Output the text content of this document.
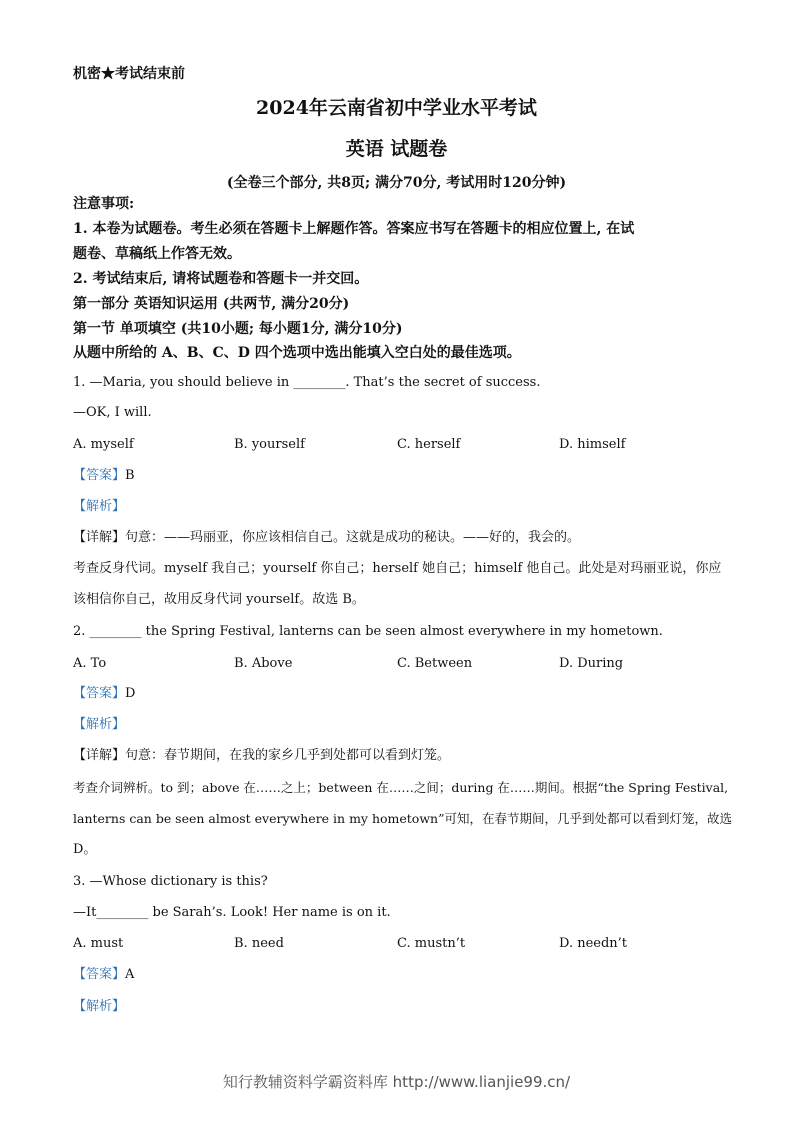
机密★考试结束前
2024年云南省初中学业水平考试
英语 试题卷
(全卷三个部分, 共8页; 满分70分, 考试用时120分钟)
注意事项:
1. 本卷为试题卷。考生必须在答题卡上解题作答。答案应书写在答题卡的相应位置上, 在试
题卷、草稿纸上作答无效。
2. 考试结束后, 请将试题卷和答题卡一并交回。
第一部分 英语知识运用 (共两节, 满分20分)
第一节 单项填空 (共10小题; 每小题1分, 满分10分)
从题中所给的 A、B、C、D 四个选项中选出能填入空白处的最佳选项。
1. —Maria, you should believe in ________. That’s the secret of success.
—OK, I will.
A. myself	B. yourself	C. herself	D. himself
【答案】B
【解析】
【详解】句意：——玛丽亚，你应该相信自己。这就是成功的秘诀。——好的，我会的。
考查反身代词。myself 我自己；yourself 你自己；herself 她自己；himself 他自己。此处是对玛丽亚说，你应
该相信你自己，故用反身代词 yourself。故选 B。
2. ________ the Spring Festival, lanterns can be seen almost everywhere in my hometown.
A. To	B. Above	C. Between	D. During
【答案】D
【解析】
【详解】句意：春节期间，在我的家乡几乎到处都可以看到灯笼。
考查介词辨析。to 到；above 在……之上；between 在……之间；during 在……期间。根据“the Spring Festival,
lanterns can be seen almost everywhere in my hometown”可知，在春节期间，几乎到处都可以看到灯笼，故选
D。
3. —Whose dictionary is this?
—It________ be Sarah’s. Look! Her name is on it.
A. must	B. need	C. mustn’t	D. needn’t
【答案】A
【解析】
知行教辅资料学霸资料库 http://www.lianjie99.cn/
